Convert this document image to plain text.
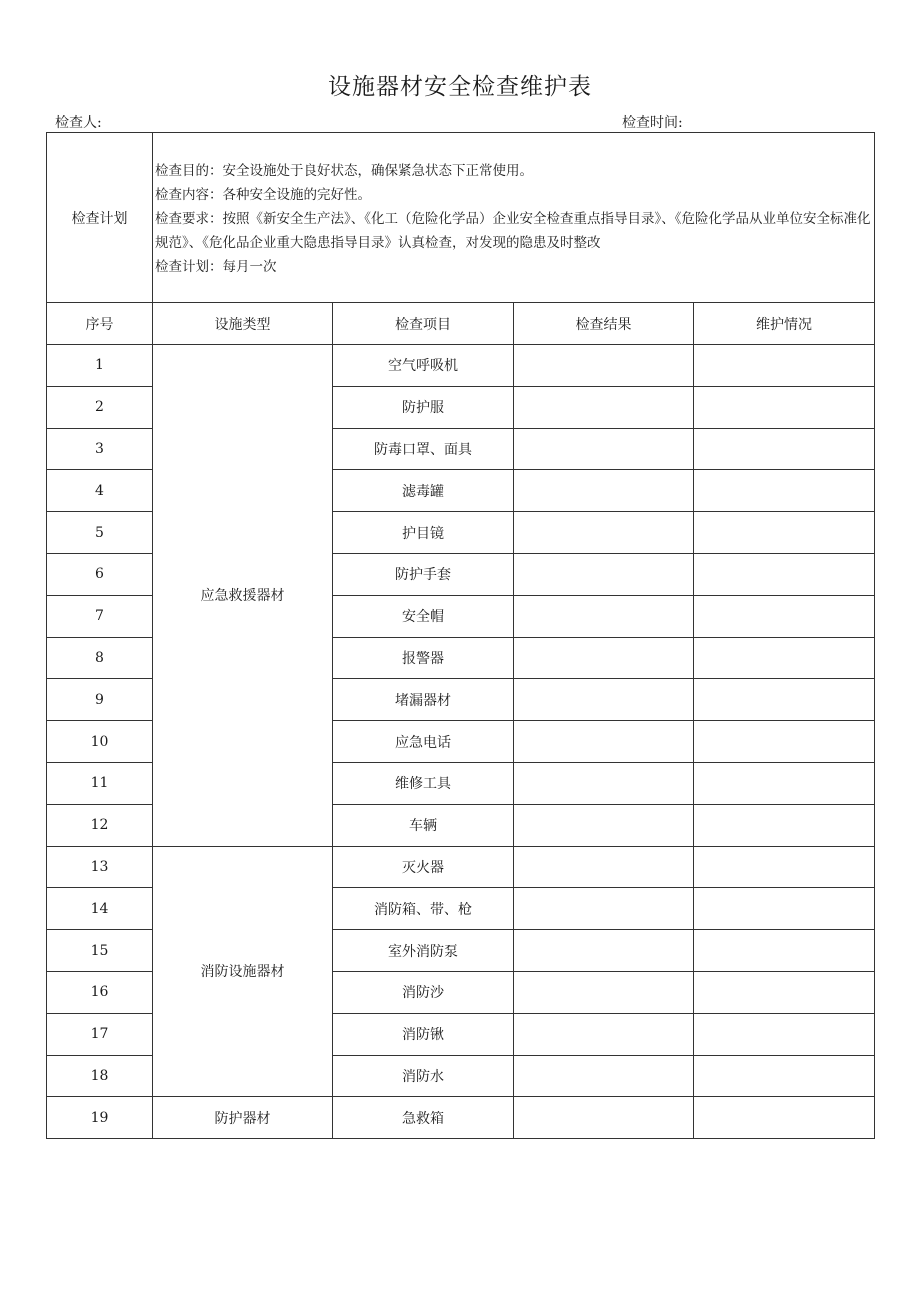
设施器材安全检查维护表
检查人:	检查时间:
检查计划	检查目的：安全设施处于良好状态，确保紧急状态下正常使用。
检查内容：各种安全设施的完好性。
检查要求：按照《新安全生产法》、《化工（危险化学品）企业安全检查重点指导目录》、《危险化学品从业单位安全标准化规范》、《危化品企业重大隐患指导目录》认真检查，对发现的隐患及时整改
检查计划：每月一次			

序号	设施类型	检查项目	检查结果	维护情况
1	应急救援器材	空气呼吸机		
2		防护服		
3		防毒口罩、面具		
4		滤毒罐		
5		护目镜		
6		防护手套		
7		安全帽		
8		报警器		
9		堵漏器材		
10		应急电话		
11		维修工具		
12		车辆		
13	消防设施器材	灭火器		
14		消防箱、带、枪		
15		室外消防泵		
16		消防沙		
17		消防锹		
18		消防水		
19	防护器材	急救箱		
